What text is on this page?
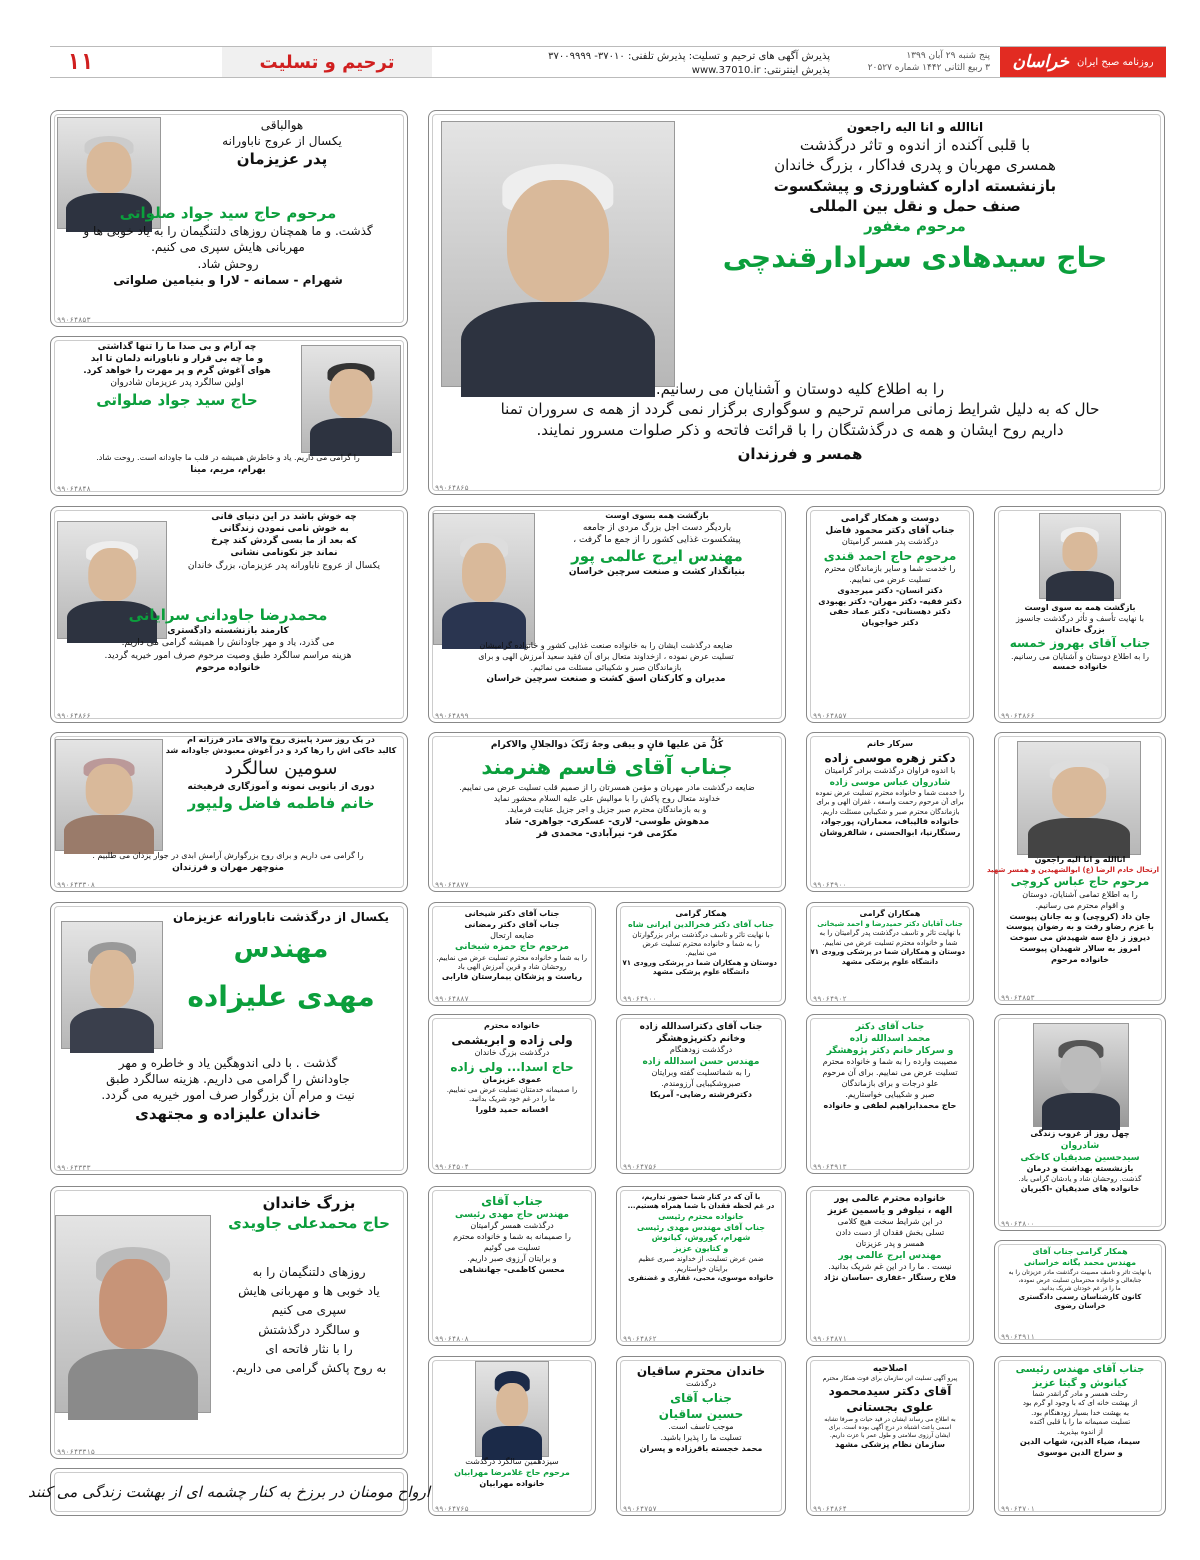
روزنامه صبح ایران
خراسان
پنج شنبه ۲۹ آبان ۱۳۹۹
۳ ربیع الثانی ۱۴۴۲ شماره ۲۰۵۲۷
پذیرش آگهی های ترحیم و تسلیت: پذیرش تلفنی: ۳۷۰۱۰- ۳۷۰۰۹۹۹۹
پذیرش اینترنتی: www.37010.ir
ترحیم و تسلیت
۱۱
اناالله و انا الیه راجعون
با قلبی آکنده از اندوه و تاثر درگذشت
همسری مهربان و پدری فداکار ، بزرگ خاندان
بازنشسته اداره کشاورزی و پیشکسوت
صنف حمل و نقل بین المللی
مرحوم مغفور
حاج سیدهادی سرادارقندچی
را به اطلاع کلیه دوستان و آشنایان می رسانیم.
حال که به دلیل شرایط زمانی مراسم ترحیم و سوگواری برگزار نمی گردد از همه ی سروران تمنا
داریم روح ایشان و همه ی درگذشتگان را با قرائت فاتحه و ذکر صلوات مسرور نمایند.
همسر و فرزندان
۹۹۰۶۴۸۶۵
هوالباقی
یکسال از عروج ناباورانه
پدر عزیزمان
مرحوم حاج سید جواد صلواتی
گذشت. و ما همچنان روزهای دلتنگیمان را به یاد خوبی ها و
مهربانی هایش سپری می کنیم.
روحش شاد.
شهرام - سمانه - لارا و بنیامین صلواتی
۹۹۰۶۴۸۵۳
چه آرام و بی صدا ما را تنها گذاشتی
و ما چه بی قرار و ناباورانه دلمان تا ابد
هوای آغوش گرم و پر مهرت را خواهد کرد.
اولین سالگرد پدر عزیزمان شادروان
حاج سید جواد صلواتی
را گرامی می داریم. یاد و خاطرش همیشه در قلب ما جاودانه است. روحت شاد.
بهرام، مریم، مینا
۹۹۰۶۴۸۴۸
چه خوش باشد در این دنیای فانی
به خوش نامی نمودن زندگانی
که بعد از ما بسی گردش کند چرخ
نماند جز نکونامی نشانی
یکسال از عروج ناباورانه پدر عزیزمان، بزرگ خاندان
محمدرضا جاودانی سرایانی
کارمند بازنشسته دادگستری
می گذرد، یاد و مهر جاودانش را همیشه گرامی می داریم.
هزینه مراسم سالگرد طبق وصیت مرحوم صرف امور خیریه گردید.
خانواده مرحوم
۹۹۰۶۴۸۶۶
بازگشت همه بسوی اوست
باردیگر دست اجل بزرگ مردی از جامعه
پیشکسوت غذایی کشور را از جمع ما گرفت ،
مهندس ایرج عالمی پور
بنیانگذار کشت و صنعت سرچین خراسان
ضایعه درگذشت ایشان را به خانواده صنعت غذایی کشور و خانواده گرامیشان
تسلیت عرض نموده ، ازخداوند متعال برای آن فقید سعید آمرزش الهی و برای
بازماندگان صبر و شکیبائی مسئلت می نمائیم.
مدیران و کارکنان اسق کشت و صنعت سرچین خراسان
۹۹۰۶۴۸۹۹
دوست و همکار گرامی
جناب آقای دکتر محمود فاضل
درگذشت پدر همسر گرامیتان
مرحوم حاج احمد قندی
را خدمت شما و سایر بازماندگان محترم
تسلیت عرض می نماییم.
دکتر انسان- دکتر میرجدوی
دکتر فقیه- دکتر مهران- دکتر بهبودی
دکتر دهستانی- دکتر عماد حقی
دکتر خواجویان
۹۹۰۶۴۸۵۷
بازگشت همه به سوی اوست
با نهایت تأسف و تأثر درگذشت جانسوز
بزرگ خاندان
جناب آقای بهروز خمسه
را به اطلاع دوستان و آشنایان می رسانیم.
خانواده خمسه
۹۹۰۶۴۸۶۶
در یک روز سرد پاییزی روح والای مادر فرزانه ام
کالبد خاکی اش را رها کرد و در آغوش معبودش جاودانه شد
سومین سالگرد
دوری از بانویی نمونه و آموزگاری فرهیخته
خانم فاطمه فاضل ولیپور
را گرامی می داریم و برای روح بزرگوارش آرامش ابدی در جوار یزدان می طلبیم .
منوچهر مهران و فرزندان
۹۹۰۶۴۳۳۰۸
کُلُّ مَن علیها فانٍ و یبقی وجهُ رَبِّکَ ذوالجلالِ والاکرام
جناب آقای قاسم هنرمند
ضایعه درگذشت مادر مهربان و مؤمن همسرتان را از صمیم قلب تسلیت عرض می نماییم.
خداوند متعال روح پاکش را با موالیش علی علیه السلام محشور نماید
و به بازماندگان محترم صبر جزیل و اجر جزیل عنایت فرماید.
مدهوش طوسی- لاری- عسکری- جواهری- شاد
مکرّمی فر- نیرآبادی- محمدی فر
۹۹۰۶۴۸۷۷
سرکار خانم
دکتر زهره موسی زاده
با اندوه فراوان درگذشت برادر گرامیتان
شادروان عباس موسی زاده
را خدمت شما و خانواده محترم تسلیت عرض نموده
برای آن مرحوم رحمت واسعه ، غفران الهی و برای
بازماندگان محترم صبر و شکیبایی مسئلت داریم.
خانواده قالیباف، معماران، پورجواد،
رستگارنیا، ابوالحسنی ، شالفروشان
۹۹۰۶۴۹۰۰
اناالله و انا الیه راجعون
ارتحال خادم الرضا (ع) ابوالشهیدین و همسر شهید
مرحوم حاج عباس کروچی
را به اطلاع تمامی آشنایان، دوستان
و اقوام محترم می رسانیم.
جان داد (کروچی) و به جانان پیوست
با عزم رضاو رفت و به رضوان پیوست
دیروز ز داغ سه شهیدش می سوخت
امروز به سالار شهیدان پیوست
خانواده مرحوم
۹۹۰۶۴۸۵۳
یکسال از درگذشت ناباورانه عزیزمان
مهندس
مهدی علیزاده
گذشت . با دلی اندوهگین یاد و خاطره و مهر
جاودانش را گرامی می داریم. هزینه سالگرد طبق
نیت و مرام آن بزرگوار صرف امور خیریه می گردد.
خاندان علیزاده و مجتهدی
۹۹۰۶۴۳۳۳
جناب آقای دکتر شیخانی
جناب آقای دکتر رمضانی
ضایعه ارتحال
مرحوم حاج حمزه شیخانی
را به شما و خانواده محترم تسلیت عرض می نماییم.
روحشان شاد و قرین آمرزش الهی باد
ریاست و پزشکان بیمارستان فارابی
۹۹۰۶۴۸۸۷
همکار گرامی
جناب آقای دکتر فخرالدین ایرانی شاه
با نهایت تاثر و تاسف درگذشت برادر بزرگوارتان
را به شما و خانواده محترم تسلیت عرض
می نماییم.
دوستان و همکاران شما در پزشکی ورودی ۷۱
دانشگاه علوم پزشکی مشهد
۹۹۰۶۴۹۰۰
همکاران گرامی
جناب آقایان دکتر حمیدرضا و احمد شیخانی
با نهایت تاثر و تاسف درگذشت پدر گرامیتان را به
شما و خانواده محترم تسلیت عرض می نماییم.
دوستان و همکاران شما در پزشکی ورودی ۷۱
دانشگاه علوم پزشکی مشهد
۹۹۰۶۴۹۰۲
خانواده محترم
ولی زاده و ابریشمی
درگذشت بزرگ خاندان
حاج اسدا... ولی زاده
عموی عزیزمان
را صمیمانه خدمتتان تسلیت عرض می نماییم.
ما را در غم خود شریک بدانید.
افسانه حمید فلورا
۹۹۰۶۴۵۰۴
جناب آقای دکتراسدالله زاده
وخانم دکترپژوهشگر
درگذشت زودهنگام
مهندس حسن اسدالله زاده
را به شماتسلیت گفته وبرایتان
صبروشکیبایی آرزومندم.
دکترفرشته رضایی- آمریکا
۹۹۰۶۴۷۵۶
جناب آقای دکتر
محمد اسدالله زاده
و سرکار خانم دکتر پژوهشگر
مصیبت وارده را به شما و خانواده محترم
تسلیت عرض می نماییم. برای آن مرحوم
علو درجات و برای بازماندگان
صبر و شکیبایی خواستاریم.
حاج محمدابراهیم لطفی و خانواده
۹۹۰۶۴۹۱۳
چهل روز از غروب زندگی
شادروان
سیدحسین صدیقیان کاخکی
بازنشسته بهداشت و درمان
گذشت. روحشان شاد و یادشان گرامی باد.
خانواده های صدیقیان -اکبریان
۹۹۰۶۴۸۰۰
بزرگ خاندان
حاج محمدعلی جاویدی
روزهای دلتنگیمان را به
یاد خوبی ها و مهربانی هایش
سپری می کنیم
و سالگرد درگذشتش
را با نثار فاتحه ای
به روح پاکش گرامی می داریم.
۹۹۰۶۴۳۳۱۵
جناب آقای
مهندس حاج مهدی رئیسی
درگذشت همسر گرامیتان
را صمیمانه به شما و خانواده محترم
تسلیت می گوئیم
و برایتان آرزوی صبر داریم.
محسن کاظمی- جهانشاهی
۹۹۰۶۴۸۰۸
با آن که در کنار شما حضور نداریم،
در غم لحظه فقدان با شما همراه هستیم...
خانواده محترم رئیسی
جناب آقای مهندس مهدی رئیسی
شهرام، کوروش، کیانوش
و کتایون عزیز
ضمن عرض تسلیت، از خداوند صبری عظیم
برایتان خواستاریم.
خانواده موسوی، محبی، غفاری و غضنفری
۹۹۰۶۴۸۶۲
خانواده محترم عالمی پور
الهه ، نیلوفر و یاسمین عزیز
در این شرایط سخت هیچ کلامی
تسلی بخش فقدان از دست دادن
همسر و پدر عزیزتان
مهندس ایرج عالمی پور
نیست . ما را در این غم شریک بدانید.
فلاح رستگار -غفاری -ساسان نژاد
۹۹۰۶۴۸۷۱
همکار گرامی جناب آقای
مهندس محمد یگانه خراسانی
با نهایت تاثر و تاسف مصیبت درگذشت مادر عزیزتان را به
جنابعالی و خانواده محترمتان تسلیت عرض نموده،
ما را در غم خودتان شریک بدانید.
کانون کارشناسان رسمی دادگستری
خراسان رضوی
۹۹۰۶۴۹۱۱
سیزدهمین سالگرد درگذشت
مرحوم حاج غلامرضا مهرابیان
خانواده مهرابیان
۹۹۰۶۴۷۶۵
خاندان محترم ساقیان
درگذشت
جناب آقای
حسین ساقیان
موجب تاسف است.
تسلیت ما را پذیرا باشید.
محمد خجسته باقرزاده و پسران
۹۹۰۶۴۷۵۷
اصلاحیه
پیرو آگهی تسلیت این سازمان برای فوت همکار محترم
آقای دکتر سیدمحمود
علوی بجستانی
به اطلاع می رساند ایشان در قید حیات و صرفا تشابه
اسمی باعث اشتباه در درج آگهی بوده است. برای
ایشان آرزوی سلامتی و طول عمر با عزت داریم.
سازمان نظام پزشکی مشهد
۹۹۰۶۴۸۶۴
جناب آقای مهندس رئیسی
کیانوش و گیتا عزیز
رحلت همسر و مادر گرانقدر شما
از بهشت خانه ای که با وجود او گرم بود
به بهشت خدا بسیار زودهنگام بود.
تسلیت صمیمانه ما را با قلبی آکنده
از اندوه بپذیرید.
سیما، ضیاء الدین، شهاب الدین
و سراج الدین موسوی
۹۹۰۶۴۷۰۱
ارواح مومنان در برزخ به کنار چشمه ای از بهشت زندگی می کنند
